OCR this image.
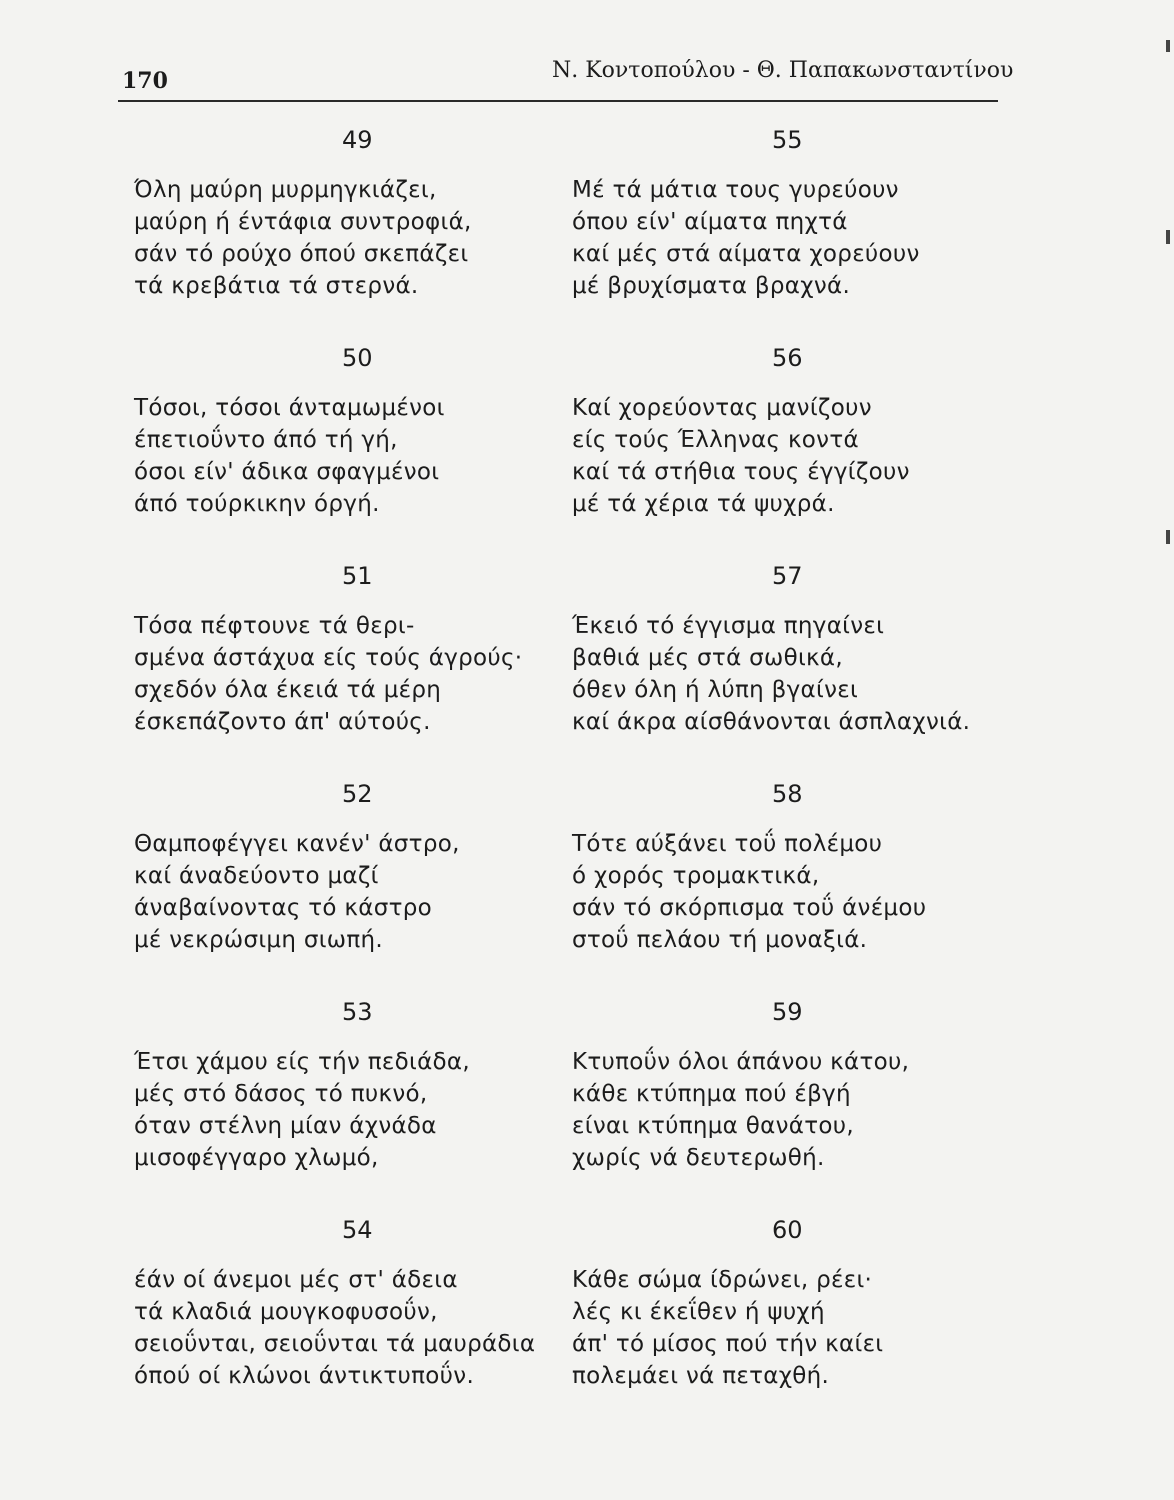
170	Ν. Κοντοπούλου - Θ. Παπακωνσταντίνου
49
Όλη μαύρη μυρμηγκιάζει,
μαύρη ή έντάφια συντροφιά,
σάν τό ρούχο όπού σκεπάζει
τά κρεβάτια τά στερνά.
50
Τόσοι, τόσοι άνταμωμένοι
έπετιοΰντο άπό τή γή,
όσοι είν' άδικα σφαγμένοι
άπό τούρκικην όργή.
51
Τόσα πέφτουνε τά θερι-
σμένα άστάχυα είς τούς άγρούς·
σχεδόν όλα έκειά τά μέρη
έσκεπάζοντο άπ' αύτούς.
52
Θαμποφέγγει κανέν' άστρο,
καί άναδεύοντο μαζί
άναβαίνοντας τό κάστρο
μέ νεκρώσιμη σιωπή.
53
Έτσι χάμου είς τήν πεδιάδα,
μές στό δάσος τό πυκνό,
όταν στέλνη μίαν άχνάδα
μισοφέγγαρο χλωμό,
54
έάν οί άνεμοι μές στ' άδεια
τά κλαδιά μουγκοφυσοΰν,
σειοΰνται, σειοΰνται τά μαυράδια
όπού οί κλώνοι άντικτυποΰν.
55
Μέ τά μάτια τους γυρεύουν
όπου είν' αίματα πηχτά
καί μές στά αίματα χορεύουν
μέ βρυχίσματα βραχνά.
56
Καί χορεύοντας μανίζουν
είς τούς Έλληνας κοντά
καί τά στήθια τους έγγίζουν
μέ τά χέρια τά ψυχρά.
57
Έκειό τό έγγισμα πηγαίνει
βαθιά μές στά σωθικά,
όθεν όλη ή λύπη βγαίνει
καί άκρα αίσθάνονται άσπλαχνιά.
58
Τότε αύξάνει τοΰ πολέμου
ό χορός τρομακτικά,
σάν τό σκόρπισμα τοΰ άνέμου
στοΰ πελάου τή μοναξιά.
59
Κτυποΰν όλοι άπάνου κάτου,
κάθε κτύπημα πού έβγή
είναι κτύπημα θανάτου,
χωρίς νά δευτερωθή.
60
Κάθε σώμα ίδρώνει, ρέει·
λές κι έκεΐθεν ή ψυχή
άπ' τό μίσος πού τήν καίει
πολεμάει νά πεταχθή.
